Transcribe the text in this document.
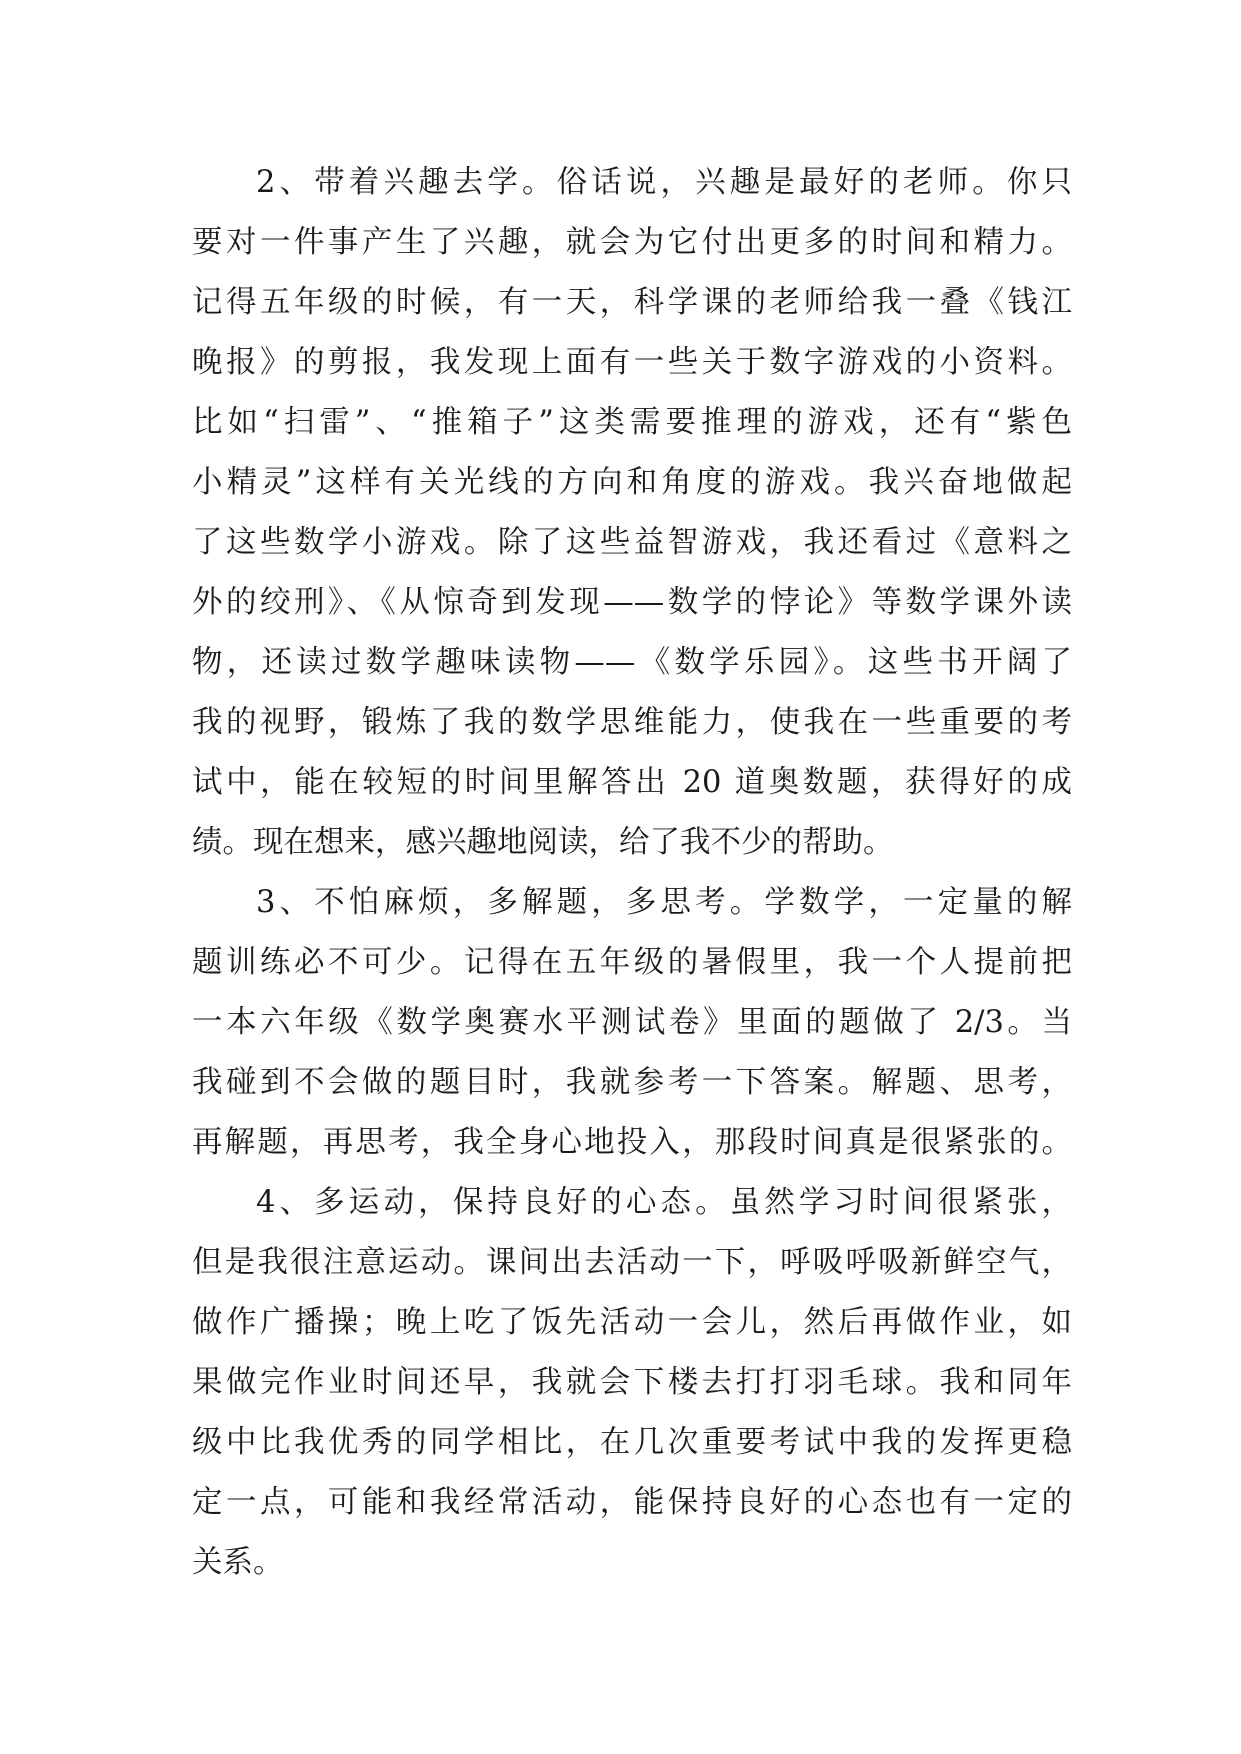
2、带着兴趣去学。俗话说，兴趣是最好的老师。你只
要对一件事产生了兴趣，就会为它付出更多的时间和精力。
记得五年级的时候，有一天，科学课的老师给我一叠《钱江
晚报》的剪报，我发现上面有一些关于数字游戏的小资料。
比如“扫雷”、“推箱子”这类需要推理的游戏，还有“紫色
小精灵”这样有关光线的方向和角度的游戏。我兴奋地做起
了这些数学小游戏。除了这些益智游戏，我还看过《意料之
外的绞刑》、《从惊奇到发现——数学的悖论》等数学课外读
物，还读过数学趣味读物——《数学乐园》。这些书开阔了
我的视野，锻炼了我的数学思维能力，使我在一些重要的考
试中，能在较短的时间里解答出 20 道奥数题，获得好的成
绩。现在想来，感兴趣地阅读，给了我不少的帮助。
3、不怕麻烦，多解题，多思考。学数学，一定量的解
题训练必不可少。记得在五年级的暑假里，我一个人提前把
一本六年级《数学奥赛水平测试卷》里面的题做了 2/3。当
我碰到不会做的题目时，我就参考一下答案。解题、思考，
再解题，再思考，我全身心地投入，那段时间真是很紧张的。
4、多运动，保持良好的心态。虽然学习时间很紧张，
但是我很注意运动。课间出去活动一下，呼吸呼吸新鲜空气，
做作广播操；晚上吃了饭先活动一会儿，然后再做作业，如
果做完作业时间还早，我就会下楼去打打羽毛球。我和同年
级中比我优秀的同学相比，在几次重要考试中我的发挥更稳
定一点，可能和我经常活动，能保持良好的心态也有一定的
关系。
